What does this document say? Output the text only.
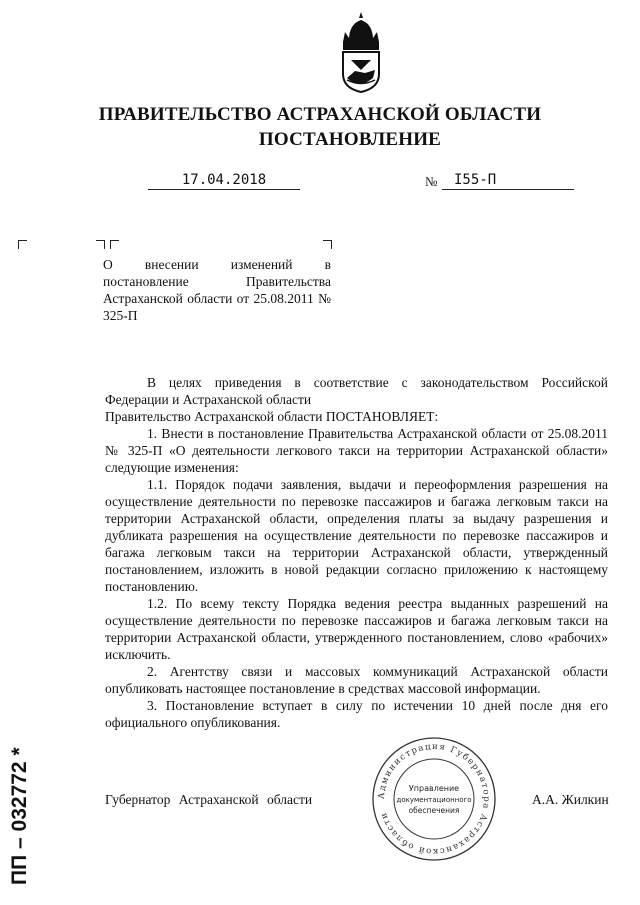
ПРАВИТЕЛЬСТВО АСТРАХАНСКОЙ ОБЛАСТИ
ПОСТАНОВЛЕНИЕ
17.04.2018	№	I55-П
О внесении изменений в постановление Правительства Астраханской области от 25.08.2011 № 325-П

В целях приведения в соответствие с законодательством Российской Федерации и Астраханской области

Правительство Астраханской области ПОСТАНОВЛЯЕТ:

1. Внести в постановление Правительства Астраханской области от 25.08.2011 № 325-П «О деятельности легкового такси на территории Астраханской области» следующие изменения:

1.1. Порядок подачи заявления, выдачи и переоформления разрешения на осуществление деятельности по перевозке пассажиров и багажа легковым такси на территории Астраханской области, определения платы за выдачу разрешения и дубликата разрешения на осуществление деятельности по перевозке пассажиров и багажа легковым такси на территории Астраханской области, утвержденный постановлением, изложить в новой редакции согласно приложению к настоящему постановлению.

1.2. По всему тексту Порядка ведения реестра выданных разрешений на осуществление деятельности по перевозке пассажиров и багажа легковым такси на территории Астраханской области, утвержденного постановлением, слово «рабочих» исключить.

2. Агентству связи и массовых коммуникаций Астраханской области опубликовать настоящее постановление в средствах массовой информации.

3. Постановление вступает в силу по истечении 10 дней после дня его официального опубликования.

Губернатор Астраханской области	А.А. Жилкин
Администрация Губернатора Астраханской области
Управление
документационного
обеспечения
ПП – 032772 *
